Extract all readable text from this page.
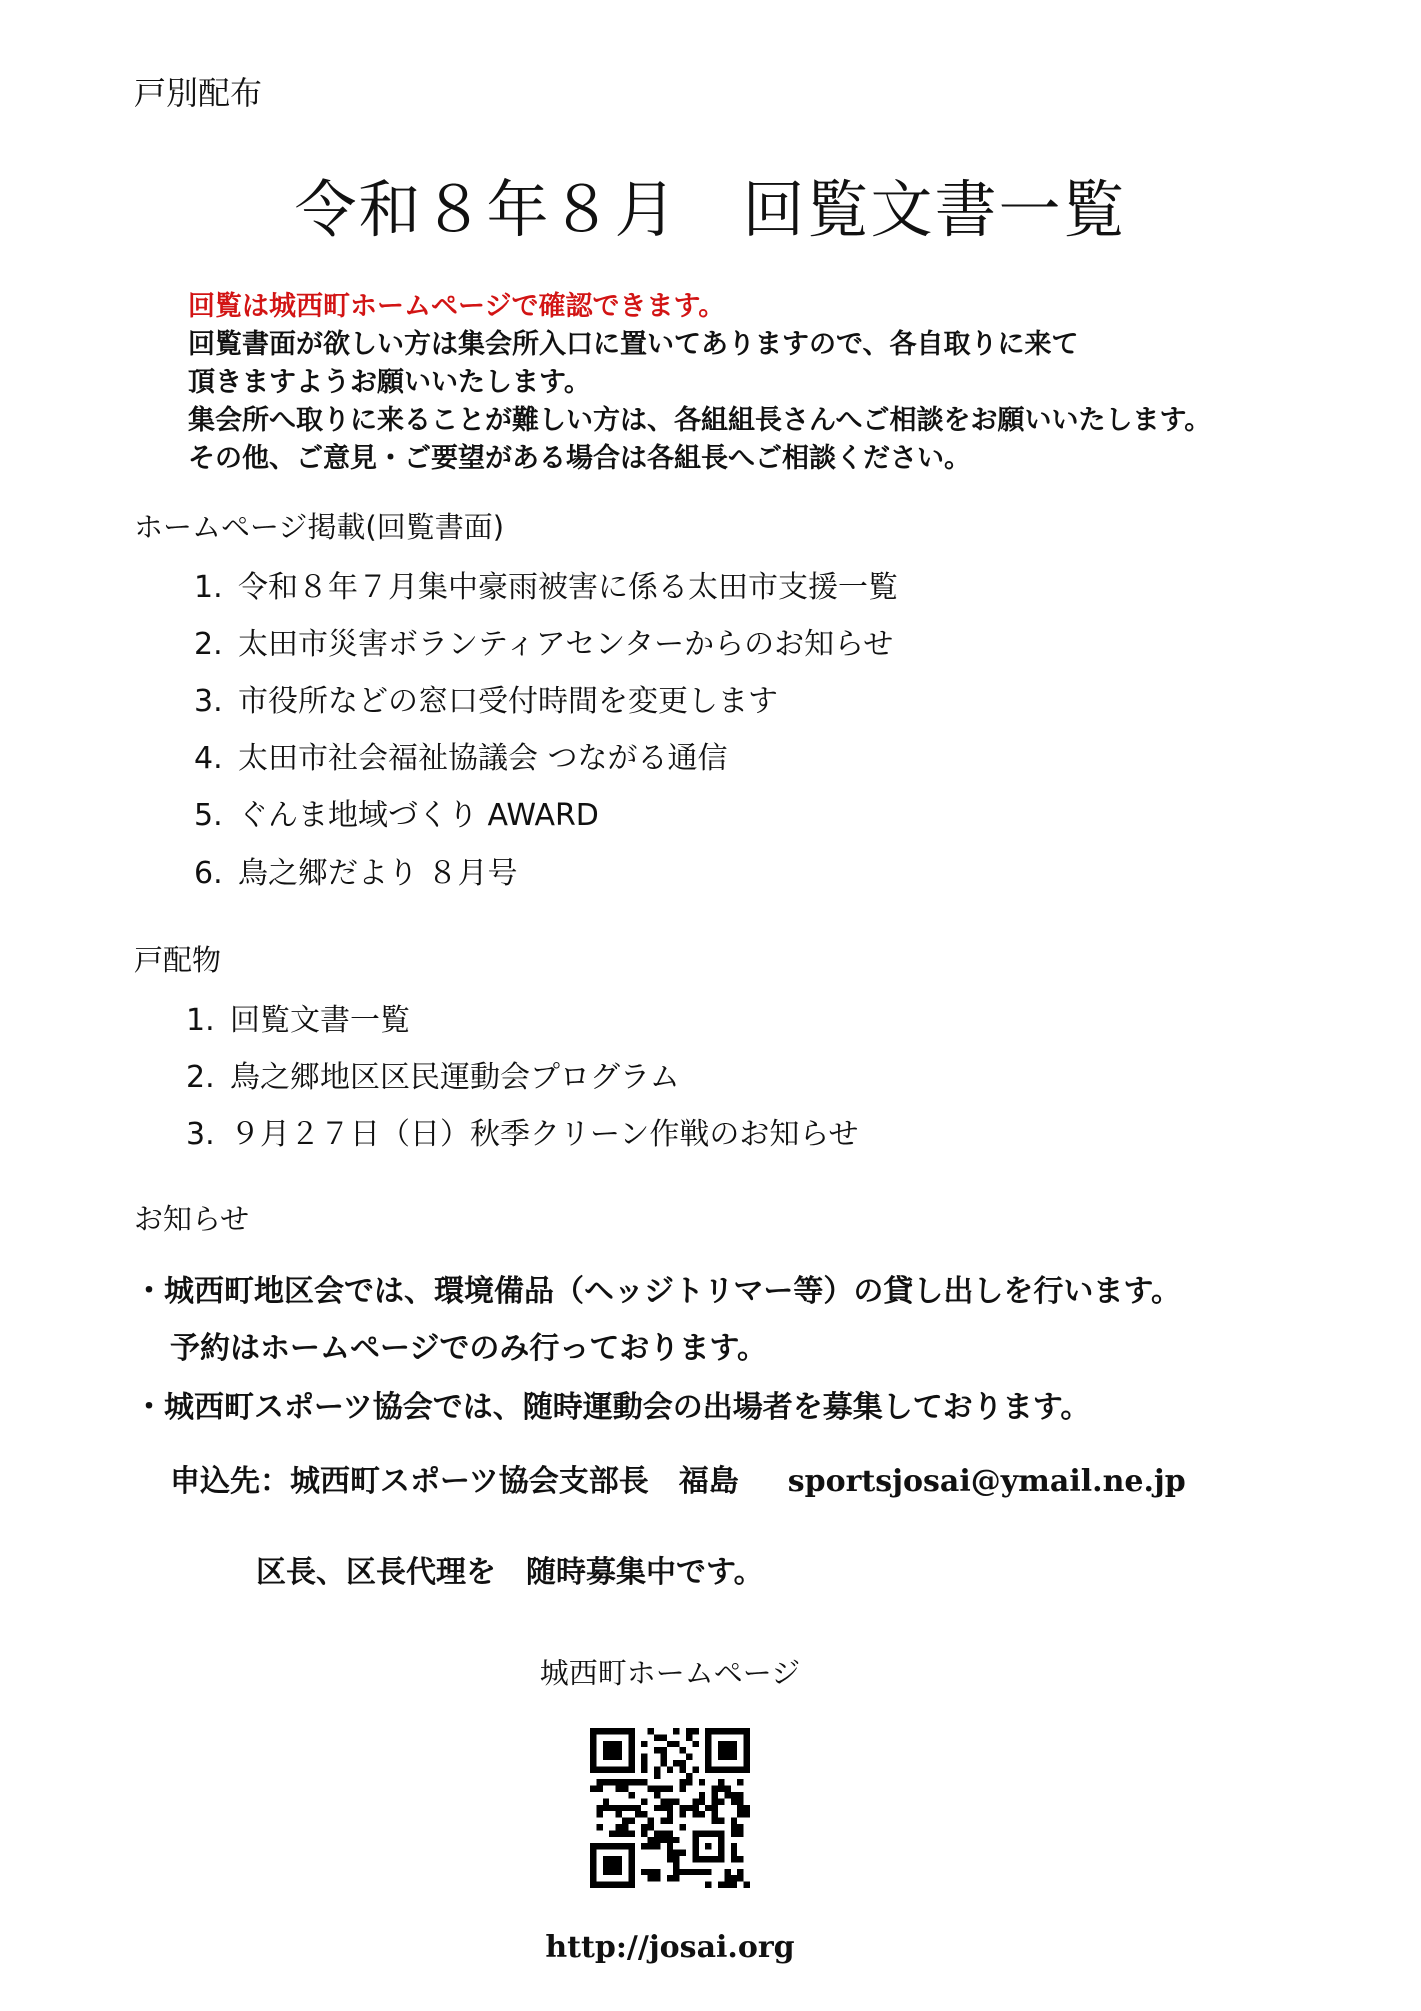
戸別配布
令和８年８月　回覧文書一覧
回覧は城西町ホームページで確認できます。
回覧書面が欲しい方は集会所入口に置いてありますので、各自取りに来て
頂きますようお願いいたします。
集会所へ取りに来ることが難しい方は、各組組長さんへご相談をお願いいたします。
その他、ご意見・ご要望がある場合は各組長へご相談ください。
ホームページ掲載(回覧書面)
1. 令和８年７月集中豪雨被害に係る太田市支援一覧
2. 太田市災害ボランティアセンターからのお知らせ
3. 市役所などの窓口受付時間を変更します
4. 太田市社会福祉協議会 つながる通信
5. ぐんま地域づくり AWARD
6. 鳥之郷だより ８月号
戸配物
1. 回覧文書一覧
2. 鳥之郷地区区民運動会プログラム
3. ９月２７日（日）秋季クリーン作戦のお知らせ
お知らせ
・城西町地区会では、環境備品（ヘッジトリマー等）の貸し出しを行います。
予約はホームページでのみ行っております。
・城西町スポーツ協会では、随時運動会の出場者を募集しております。
申込先：城西町スポーツ協会支部長　福島 sportsjosai@ymail.ne.jp
区長、区長代理を　随時募集中です。
城西町ホームページ
http://josai.org
